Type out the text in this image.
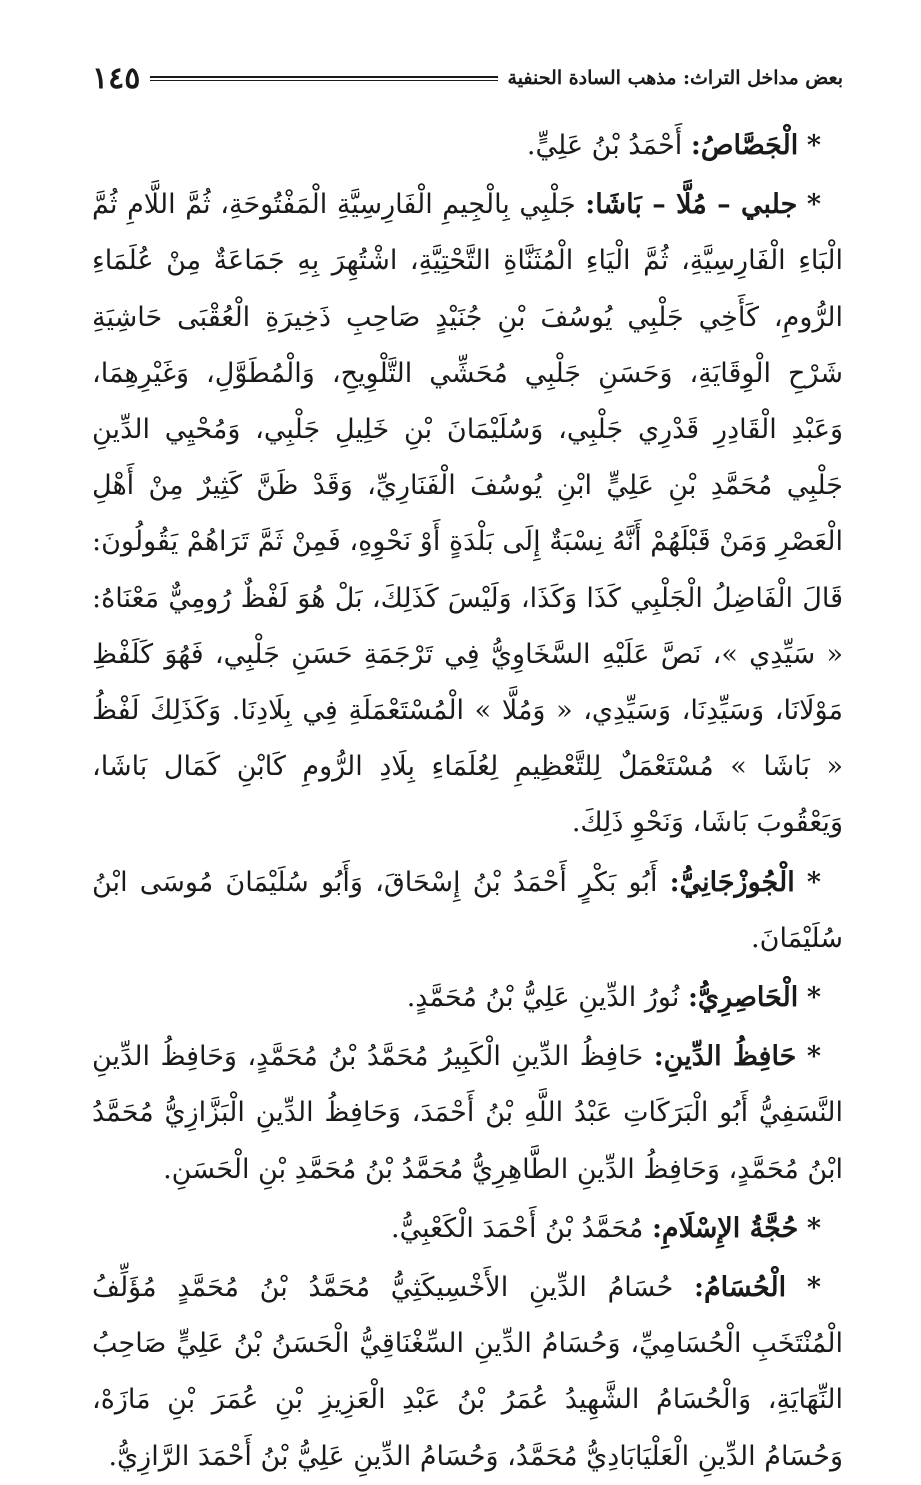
بعض مداخل التراث: مذهب السادة الحنفية
١٤٥

* الْجَصَّاصُ: أَحْمَدُ بْنُ عَلِيٍّ.

* جلبي – مُلَّا – بَاشَا: جَلْبِي بِالْجِيمِ الْفَارِسِيَّةِ الْمَفْتُوحَةِ، ثُمَّ اللَّامِ ثُمَّ الْبَاءِ الْفَارِسِيَّةِ، ثُمَّ الْيَاءِ الْمُثَنَّاةِ التَّحْتِيَّةِ، اشْتُهِرَ بِهِ جَمَاعَةٌ مِنْ عُلَمَاءِ الرُّومِ، كَأَخِي جَلْبِي يُوسُفَ بْنِ جُنَيْدٍ صَاحِبِ ذَخِيرَةِ الْعُقْبَى حَاشِيَةِ شَرْحِ الْوِقَايَةِ، وَحَسَنِ جَلْبِي مُحَشِّي التَّلْوِيحِ، وَالْمُطَوَّلِ، وَغَيْرِهِمَا، وَعَبْدِ الْقَادِرِ قَدْرِي جَلْبِي، وَسُلَيْمَانَ بْنِ خَلِيلِ جَلْبِي، وَمُحْيِي الدِّينِ جَلْبِي مُحَمَّدِ بْنِ عَلِيٍّ ابْنِ يُوسُفَ الْفَنَارِيِّ، وَقَدْ ظَنَّ كَثِيرٌ مِنْ أَهْلِ الْعَصْرِ وَمَنْ قَبْلَهُمْ أَنَّهُ نِسْبَةٌ إِلَى بَلْدَةٍ أَوْ نَحْوِهِ، فَمِنْ ثَمَّ تَرَاهُمْ يَقُولُونَ: قَالَ الْفَاضِلُ الْجَلْبِي كَذَا وَكَذَا، وَلَيْسَ كَذَلِكَ، بَلْ هُوَ لَفْظٌ رُومِيٌّ مَعْنَاهُ: « سَيِّدِي »، نَصَّ عَلَيْهِ السَّخَاوِيُّ فِي تَرْجَمَةِ حَسَنِ جَلْبِي، فَهُوَ كَلَفْظِ مَوْلَانَا، وَسَيِّدِنَا، وَسَيِّدِي، « وَمُلَّا » الْمُسْتَعْمَلَةِ فِي بِلَادِنَا. وَكَذَلِكَ لَفْظُ « بَاشَا » مُسْتَعْمَلٌ لِلتَّعْظِيمِ لِعُلَمَاءِ بِلَادِ الرُّومِ كَابْنِ كَمَال بَاشَا، وَيَعْقُوبَ بَاشَا، وَنَحْوِ ذَلِكَ.

* الْجُوزْجَانِيُّ: أَبُو بَكْرٍ أَحْمَدُ بْنُ إِسْحَاقَ، وَأَبُو سُلَيْمَانَ مُوسَى ابْنُ سُلَيْمَانَ.

* الْحَاصِرِيُّ: نُورُ الدِّينِ عَلِيُّ بْنُ مُحَمَّدٍ.

* حَافِظُ الدِّينِ: حَافِظُ الدِّينِ الْكَبِيرُ مُحَمَّدُ بْنُ مُحَمَّدٍ، وَحَافِظُ الدِّينِ النَّسَفِيُّ أَبُو الْبَرَكَاتِ عَبْدُ اللَّهِ بْنُ أَحْمَدَ، وَحَافِظُ الدِّينِ الْبَزَّازِيُّ مُحَمَّدُ ابْنُ مُحَمَّدٍ، وَحَافِظُ الدِّينِ الطَّاهِرِيُّ مُحَمَّدُ بْنُ مُحَمَّدِ بْنِ الْحَسَنِ.

* حُجَّةُ الإِسْلَامِ: مُحَمَّدُ بْنُ أَحْمَدَ الْكَعْبِيُّ.

* الْحُسَامُ: حُسَامُ الدِّينِ الأَخْسِيكَثِيُّ مُحَمَّدُ بْنُ مُحَمَّدٍ مُؤَلِّفُ الْمُنْتَخَبِ الْحُسَامِيِّ، وَحُسَامُ الدِّينِ السِّغْنَاقِيُّ الْحَسَنُ بْنُ عَلِيٍّ صَاحِبُ النِّهَايَةِ، وَالْحُسَامُ الشَّهِيدُ عُمَرُ بْنُ عَبْدِ الْعَزِيزِ بْنِ عُمَرَ بْنِ مَازَهْ، وَحُسَامُ الدِّينِ الْعَلْيَابَادِيُّ مُحَمَّدُ، وَحُسَامُ الدِّينِ عَلِيُّ بْنُ أَحْمَدَ الرَّازِيُّ.
